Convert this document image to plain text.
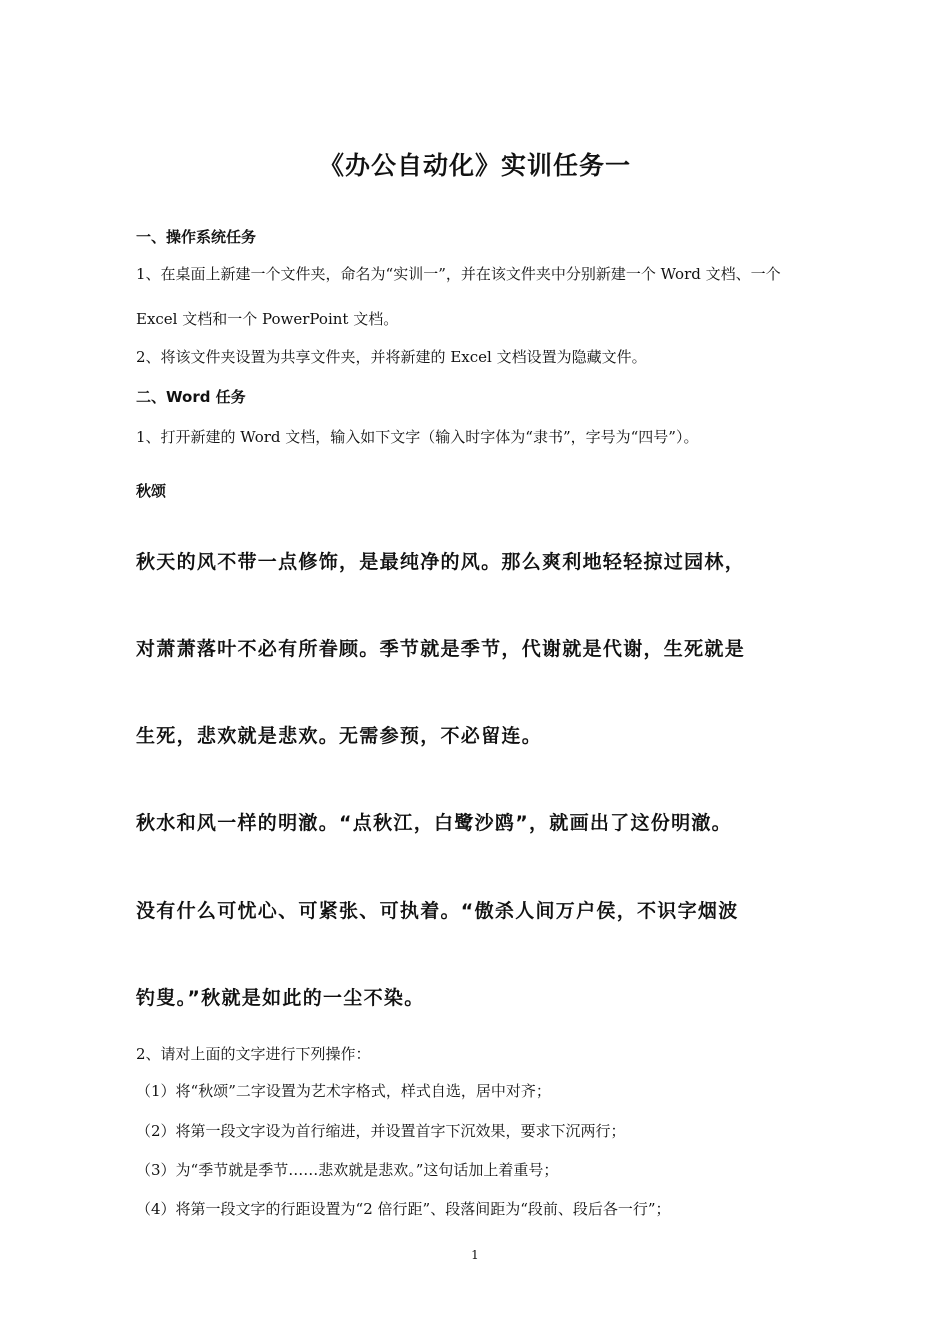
《办公自动化》实训任务一
一、操作系统任务
1、在桌面上新建一个文件夹，命名为“实训一”，并在该文件夹中分别新建一个 Word 文档、一个
Excel 文档和一个 PowerPoint 文档。
2、将该文件夹设置为共享文件夹，并将新建的 Excel 文档设置为隐藏文件。
二、Word 任务
1、打开新建的 Word 文档，输入如下文字（输入时字体为“隶书”，字号为“四号”）。
秋颂
秋天的风不带一点修饰，是最纯净的风。那么爽利地轻轻掠过园林，
对萧萧落叶不必有所眷顾。季节就是季节，代谢就是代谢，生死就是
生死，悲欢就是悲欢。无需参预，不必留连。
秋水和风一样的明澈。“点秋江，白鹭沙鸥”，就画出了这份明澈。
没有什么可忧心、可紧张、可执着。“傲杀人间万户侯，不识字烟波
钓叟。”秋就是如此的一尘不染。
2、请对上面的文字进行下列操作：
（1）将“秋颂”二字设置为艺术字格式，样式自选，居中对齐；
（2）将第一段文字设为首行缩进，并设置首字下沉效果，要求下沉两行；
（3）为“季节就是季节……悲欢就是悲欢。”这句话加上着重号；
（4）将第一段文字的行距设置为“2 倍行距”、段落间距为“段前、段后各一行”；
1
